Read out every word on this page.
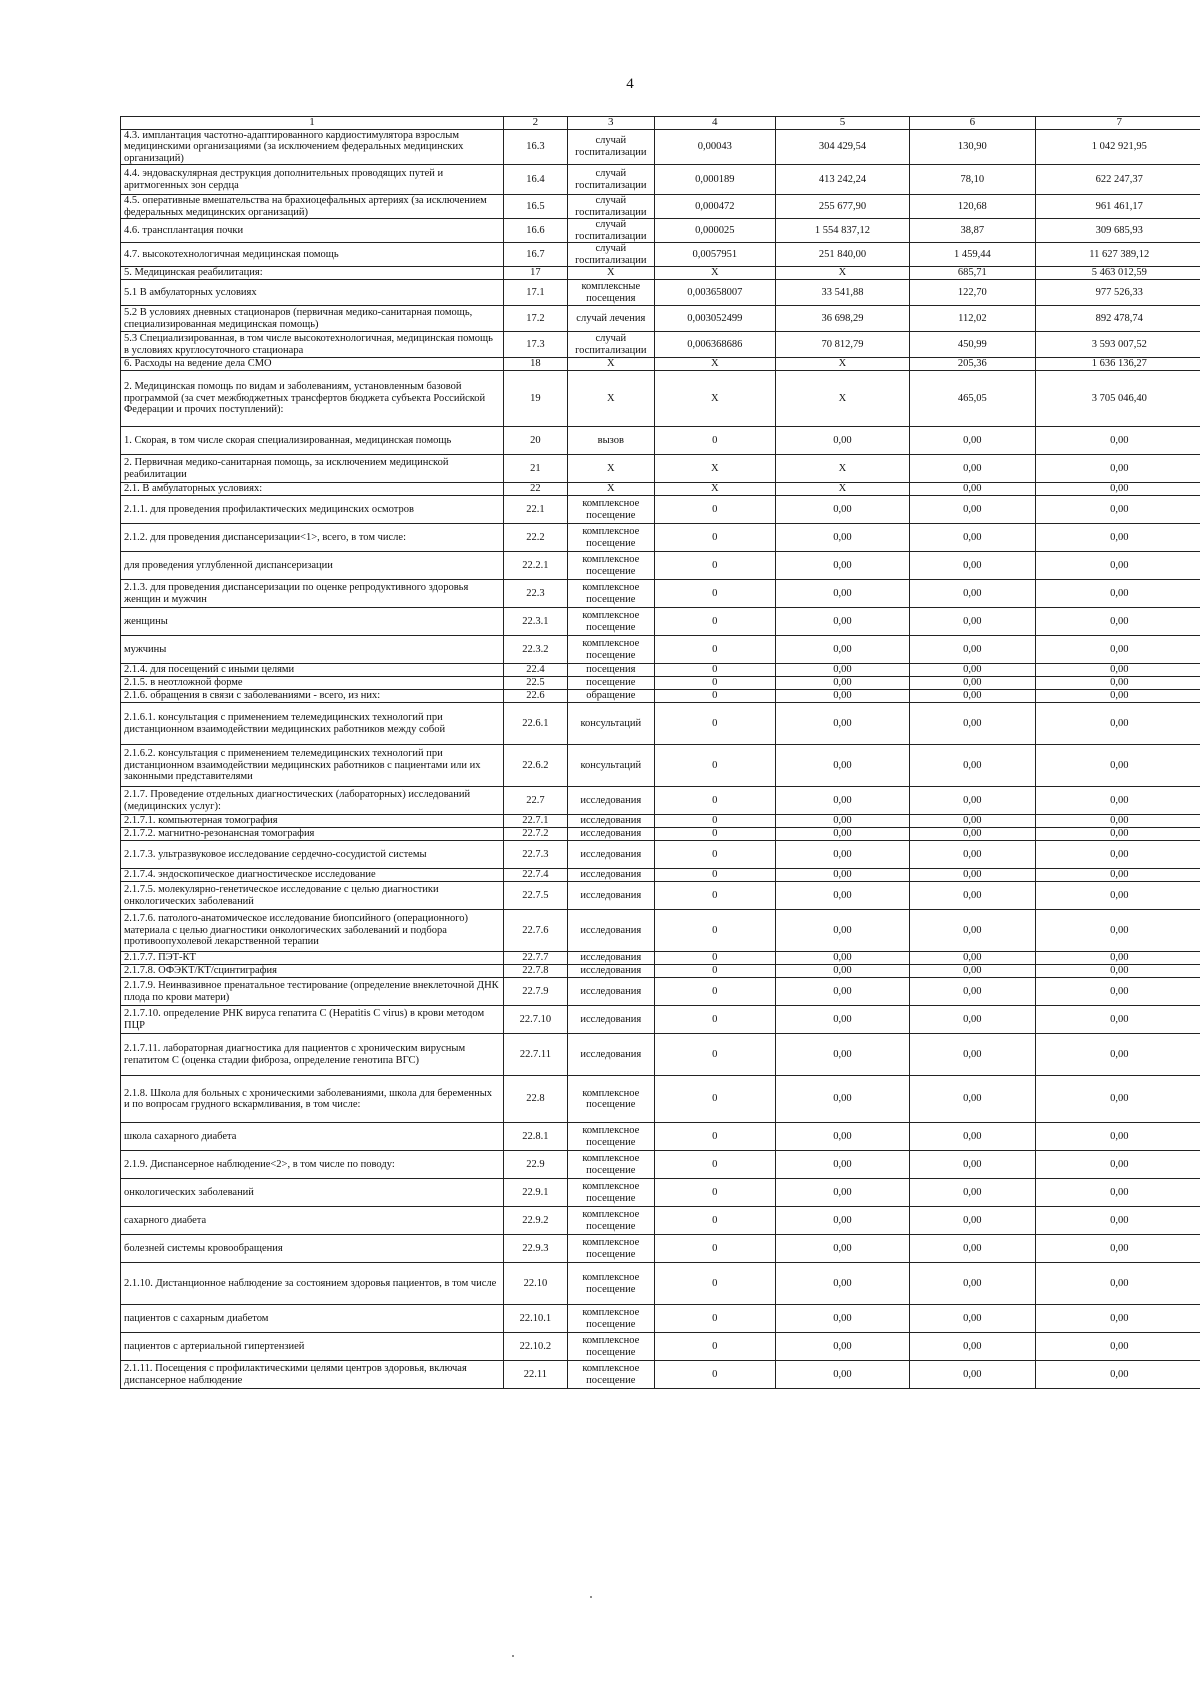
4
1	2	3	4	5	6	7
4.3. имплантация частотно-адаптированного кардиостимулятора взрослым медицинскими организациями (за исключением федеральных медицинских организаций)	16.3	случай госпитализации	0,00043	304 429,54	130,90	1 042 921,95
4.4. эндоваскулярная деструкция дополнительных проводящих путей и аритмогенных зон сердца	16.4	случай госпитализации	0,000189	413 242,24	78,10	622 247,37
4.5. оперативные вмешательства на брахиоцефальных артериях (за исключением федеральных медицинских организаций)	16.5	случай госпитализации	0,000472	255 677,90	120,68	961 461,17
4.6. трансплантация почки	16.6	случай госпитализации	0,000025	1 554 837,12	38,87	309 685,93
4.7. высокотехнологичная медицинская помощь	16.7	случай госпитализации	0,0057951	251 840,00	1 459,44	11 627 389,12
5. Медицинская реабилитация:	17	Х	Х	Х	685,71	5 463 012,59
5.1 В амбулаторных условиях	17.1	комплексные посещения	0,003658007	33 541,88	122,70	977 526,33
5.2 В условиях дневных стационаров (первичная медико-санитарная помощь, специализированная медицинская помощь)	17.2	случай лечения	0,003052499	36 698,29	112,02	892 478,74
5.3 Специализированная, в том числе высокотехнологичная, медицинская помощь в условиях круглосуточного стационара	17.3	случай госпитализации	0,006368686	70 812,79	450,99	3 593 007,52
6. Расходы на ведение дела СМО	18	Х	Х	Х	205,36	1 636 136,27
2. Медицинская помощь по видам и заболеваниям, установленным базовой программой (за счет межбюджетных трансфертов бюджета субъекта Российской Федерации и прочих поступлений):	19	Х	Х	Х	465,05	3 705 046,40
1. Скорая, в том числе скорая специализированная, медицинская помощь	20	вызов	0	0,00	0,00	0,00
2. Первичная медико-санитарная помощь, за исключением медицинской реабилитации	21	Х	Х	Х	0,00	0,00
2.1. В амбулаторных условиях:	22	Х	Х	Х	0,00	0,00
2.1.1. для проведения профилактических медицинских осмотров	22.1	комплексное посещение	0	0,00	0,00	0,00
2.1.2. для проведения диспансеризации<1>, всего, в том числе:	22.2	комплексное посещение	0	0,00	0,00	0,00
для проведения углубленной диспансеризации	22.2.1	комплексное посещение	0	0,00	0,00	0,00
2.1.3. для проведения диспансеризации по оценке репродуктивного здоровья женщин и мужчин	22.3	комплексное посещение	0	0,00	0,00	0,00
женщины	22.3.1	комплексное посещение	0	0,00	0,00	0,00
мужчины	22.3.2	комплексное посещение	0	0,00	0,00	0,00
2.1.4. для посещений с иными целями	22.4	посещения	0	0,00	0,00	0,00
2.1.5. в неотложной форме	22.5	посещение	0	0,00	0,00	0,00
2.1.6. обращения в связи с заболеваниями - всего, из них:	22.6	обращение	0	0,00	0,00	0,00
2.1.6.1. консультация с применением телемедицинских технологий при дистанционном взаимодействии медицинских работников между собой	22.6.1	консультаций	0	0,00	0,00	0,00
2.1.6.2. консультация с применением телемедицинских технологий при дистанционном взаимодействии медицинских работников с пациентами или их законными представителями	22.6.2	консультаций	0	0,00	0,00	0,00
2.1.7. Проведение отдельных диагностических (лабораторных) исследований (медицинских услуг):	22.7	исследования	0	0,00	0,00	0,00
2.1.7.1. компьютерная томография	22.7.1	исследования	0	0,00	0,00	0,00
2.1.7.2. магнитно-резонансная томография	22.7.2	исследования	0	0,00	0,00	0,00
2.1.7.3. ультразвуковое исследование сердечно-сосудистой системы	22.7.3	исследования	0	0,00	0,00	0,00
2.1.7.4. эндоскопическое диагностическое исследование	22.7.4	исследования	0	0,00	0,00	0,00
2.1.7.5. молекулярно-генетическое исследование с целью диагностики онкологических заболеваний	22.7.5	исследования	0	0,00	0,00	0,00
2.1.7.6. патолого-анатомическое исследование биопсийного (операционного) материала с целью диагностики онкологических заболеваний и подбора противоопухолевой лекарственной терапии	22.7.6	исследования	0	0,00	0,00	0,00
2.1.7.7. ПЭТ-КТ	22.7.7	исследования	0	0,00	0,00	0,00
2.1.7.8. ОФЭКТ/КТ/сцинтиграфия	22.7.8	исследования	0	0,00	0,00	0,00
2.1.7.9. Неинвазивное пренатальное тестирование (определение внеклеточной ДНК плода по крови матери)	22.7.9	исследования	0	0,00	0,00	0,00
2.1.7.10. определение РНК вируса гепатита С (Hepatitis C virus) в крови методом ПЦР	22.7.10	исследования	0	0,00	0,00	0,00
2.1.7.11. лабораторная диагностика для пациентов с хроническим вирусным гепатитом С (оценка стадии фиброза, определение генотипа ВГС)	22.7.11	исследования	0	0,00	0,00	0,00
2.1.8. Школа для больных с хроническими заболеваниями, школа для беременных и по вопросам грудного вскармливания, в том числе:	22.8	комплексное посещение	0	0,00	0,00	0,00
школа сахарного диабета	22.8.1	комплексное посещение	0	0,00	0,00	0,00
2.1.9. Диспансерное наблюдение<2>, в том числе по поводу:	22.9	комплексное посещение	0	0,00	0,00	0,00
онкологических заболеваний	22.9.1	комплексное посещение	0	0,00	0,00	0,00
сахарного диабета	22.9.2	комплексное посещение	0	0,00	0,00	0,00
болезней системы кровообращения	22.9.3	комплексное посещение	0	0,00	0,00	0,00
2.1.10. Дистанционное наблюдение за состоянием здоровья пациентов, в том числе	22.10	комплексное посещение	0	0,00	0,00	0,00
пациентов с сахарным диабетом	22.10.1	комплексное посещение	0	0,00	0,00	0,00
пациентов с артериальной гипертензией	22.10.2	комплексное посещение	0	0,00	0,00	0,00
2.1.11. Посещения с профилактическими целями центров здоровья, включая диспансерное наблюдение	22.11	комплексное посещение	0	0,00	0,00	0,00
